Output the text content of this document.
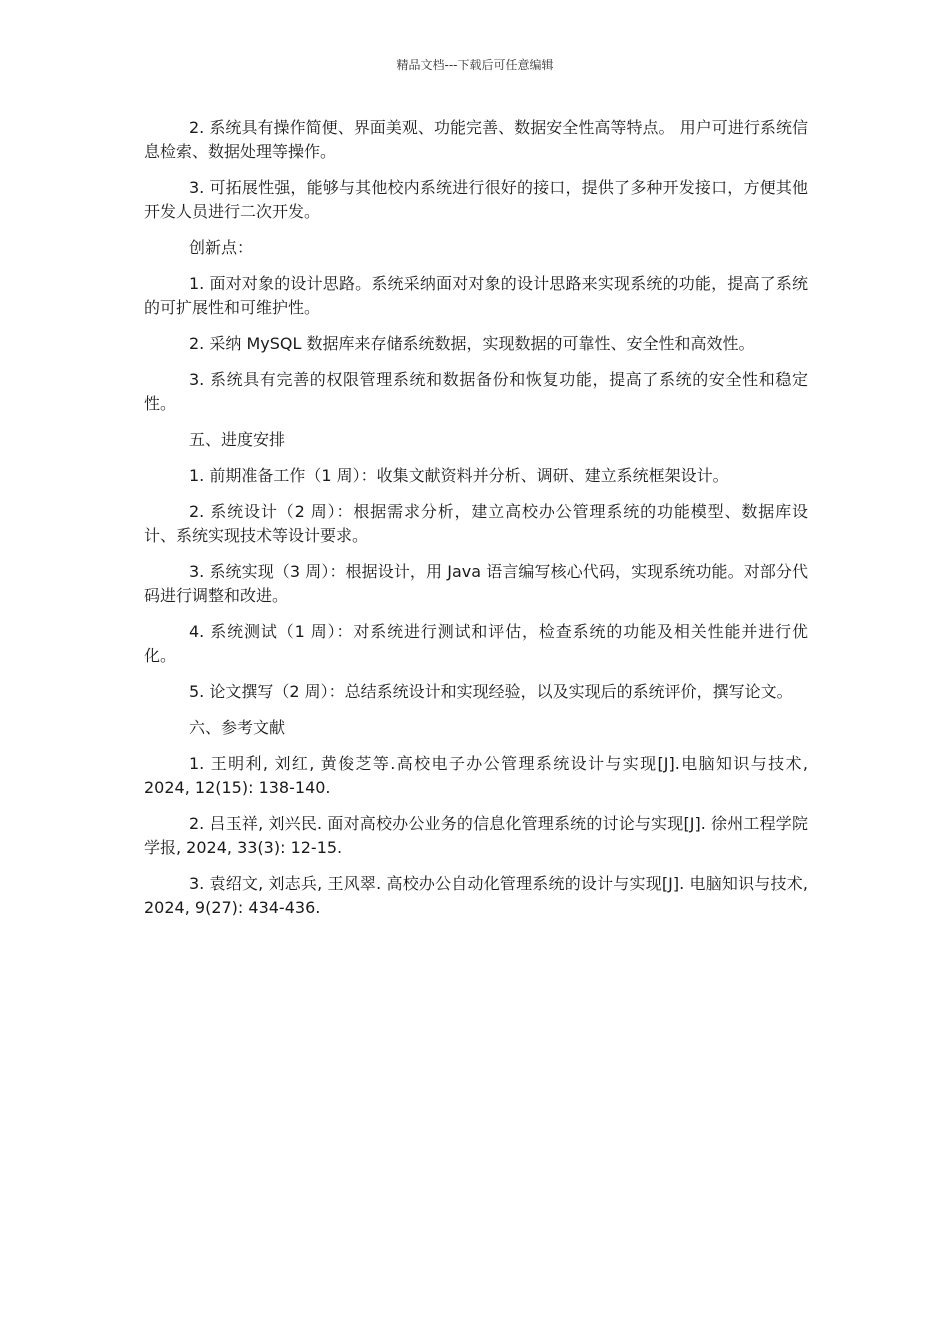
精品文档---下载后可任意编辑

2. 系统具有操作简便、界面美观、功能完善、数据安全性高等特点。 用户可进行系统信息检索、数据处理等操作。

3. 可拓展性强，能够与其他校内系统进行很好的接口，提供了多种开发接口，方便其他开发人员进行二次开发。

创新点：

1. 面对对象的设计思路。系统采纳面对对象的设计思路来实现系统的功能，提高了系统的可扩展性和可维护性。

2. 采纳 MySQL 数据库来存储系统数据，实现数据的可靠性、安全性和高效性。

3. 系统具有完善的权限管理系统和数据备份和恢复功能，提高了系统的安全性和稳定性。

五、进度安排

1. 前期准备工作（1 周）：收集文献资料并分析、调研、建立系统框架设计。

2. 系统设计（2 周）：根据需求分析，建立高校办公管理系统的功能模型、数据库设计、系统实现技术等设计要求。

3. 系统实现（3 周）：根据设计，用 Java 语言编写核心代码，实现系统功能。对部分代码进行调整和改进。

4. 系统测试（1 周）：对系统进行测试和评估，检查系统的功能及相关性能并进行优化。

5. 论文撰写（2 周）：总结系统设计和实现经验，以及实现后的系统评价，撰写论文。

六、参考文献

1. 王明利, 刘红, 黄俊芝等.高校电子办公管理系统设计与实现[J].电脑知识与技术, 2024, 12(15): 138-140.

2. 吕玉祥, 刘兴民. 面对高校办公业务的信息化管理系统的讨论与实现[J]. 徐州工程学院学报, 2024, 33(3): 12-15.

3. 袁绍文, 刘志兵, 王风翠. 高校办公自动化管理系统的设计与实现[J]. 电脑知识与技术, 2024, 9(27): 434-436.
